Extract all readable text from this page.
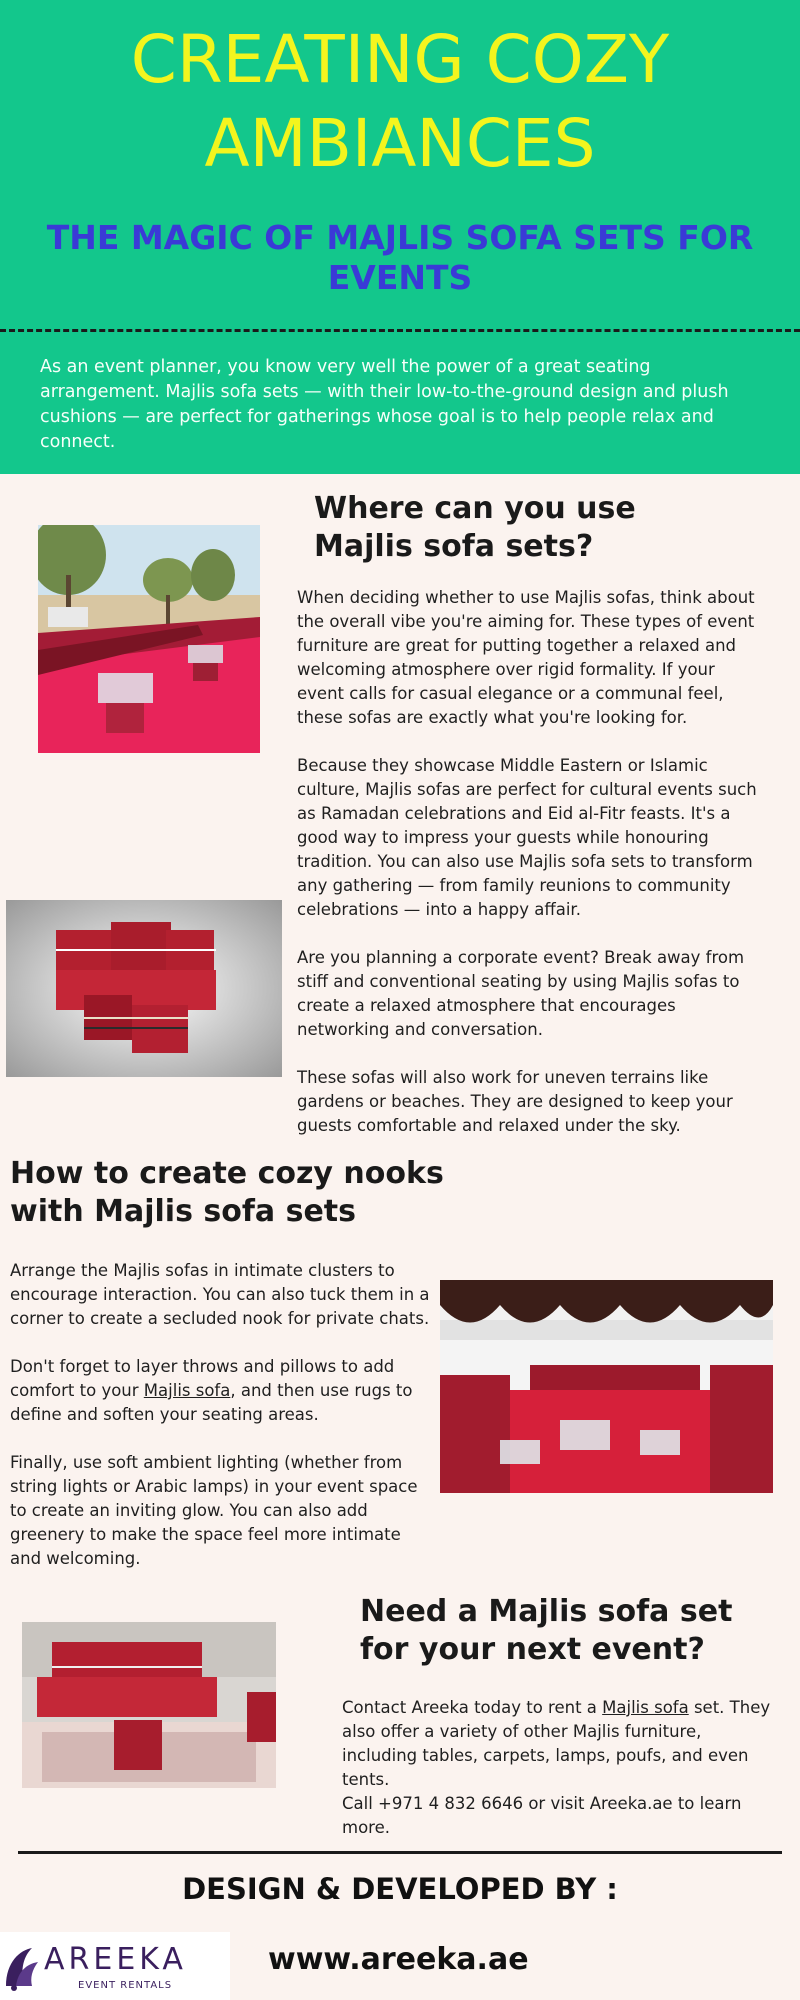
CREATING COZY
AMBIANCES
THE MAGIC OF MAJLIS SOFA SETS FOR EVENTS
As an event planner, you know very well the power of a great seating arrangement. Majlis sofa sets — with their low-to-the-ground design and plush cushions — are perfect for gatherings whose goal is to help people relax and connect.
Where can you use
Majlis sofa sets?

When deciding whether to use Majlis sofas, think about the overall vibe you're aiming for. These types of event furniture are great for putting together a relaxed and welcoming atmosphere over rigid formality. If your event calls for casual elegance or a communal feel, these sofas are exactly what you're looking for.

Because they showcase Middle Eastern or Islamic culture, Majlis sofas are perfect for cultural events such as Ramadan celebrations and Eid al-Fitr feasts. It's a good way to impress your guests while honouring tradition. You can also use Majlis sofa sets to transform any gathering — from family reunions to community celebrations — into a happy affair.

Are you planning a corporate event? Break away from stiff and conventional seating by using Majlis sofas to create a relaxed atmosphere that encourages networking and conversation.

These sofas will also work for uneven terrains like gardens or beaches. They are designed to keep your guests comfortable and relaxed under the sky.

How to create cozy nooks
with Majlis sofa sets

Arrange the Majlis sofas in intimate clusters to encourage interaction. You can also tuck them in a corner to create a secluded nook for private chats.

Don't forget to layer throws and pillows to add comfort to your Majlis sofa, and then use rugs to define and soften your seating areas.

Finally, use soft ambient lighting (whether from string lights or Arabic lamps) in your event space to create an inviting glow. You can also add greenery to make the space feel more intimate and welcoming.

Need a Majlis sofa set
for your next event?
Contact Areeka today to rent a Majlis sofa set. They also offer a variety of other Majlis furniture, including tables, carpets, lamps, poufs, and even tents.
Call +971 4 832 6646 or visit Areeka.ae to learn more.
DESIGN & DEVELOPED BY :
AREEKA
EVENT RENTALS
www.areeka.ae
